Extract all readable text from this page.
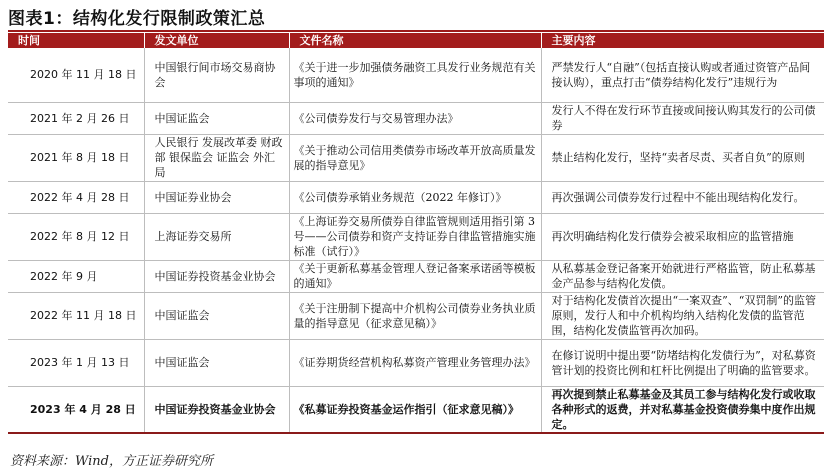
图表1：结构化发行限制政策汇总
时间	发文单位	文件名称	主要内容
2020 年 11 月 18 日	中国银行间市场交易商协会	《关于进一步加强债务融资工具发行业务规范有关事项的通知》	严禁发行人“自融”（包括直接认购或者通过资管产品间接认购），重点打击“债券结构化发行”违规行为
2021 年 2 月 26 日	中国证监会	《公司债券发行与交易管理办法》	发行人不得在发行环节直接或间接认购其发行的公司债券
2021 年 8 月 18 日	人民银行 发展改革委 财政部 银保监会 证监会 外汇局	《关于推动公司信用类债券市场改革开放高质量发展的指导意见》	禁止结构化发行，坚持“卖者尽责、买者自负”的原则
2022 年 4 月 28 日	中国证券业协会	《公司债券承销业务规范（2022 年修订）》	再次强调公司债券发行过程中不能出现结构化发行。
2022 年 8 月 12 日	上海证券交易所	《上海证券交易所债券自律监管规则适用指引第 3 号——公司债券和资产支持证券自律监管措施实施标准（试行）》	再次明确结构化发行债券会被采取相应的监管措施
2022 年 9 月	中国证券投资基金业协会	《关于更新私募基金管理人登记备案承诺函等模板的通知》	从私募基金登记备案开始就进行严格监管，防止私募基金产品参与结构化发债。
2022 年 11 月 18 日	中国证监会	《关于注册制下提高中介机构公司债券业务执业质量的指导意见（征求意见稿）》	对于结构化发债首次提出“一案双查”、“双罚制”的监管原则，发行人和中介机构均纳入结构化发债的监管范围，结构化发债监管再次加码。
2023 年 1 月 13 日	中国证监会	《证券期货经营机构私募资产管理业务管理办法》	在修订说明中提出要“防堵结构化发债行为”，对私募资管计划的投资比例和杠杆比例提出了明确的监管要求。
2023 年 4 月 28 日	中国证券投资基金业协会	《私募证券投资基金运作指引（征求意见稿）》	再次提到禁止私募基金及其员工参与结构化发行或收取各种形式的返费，并对私募基金投资债券集中度作出规定。
资料来源：Wind，方正证券研究所
